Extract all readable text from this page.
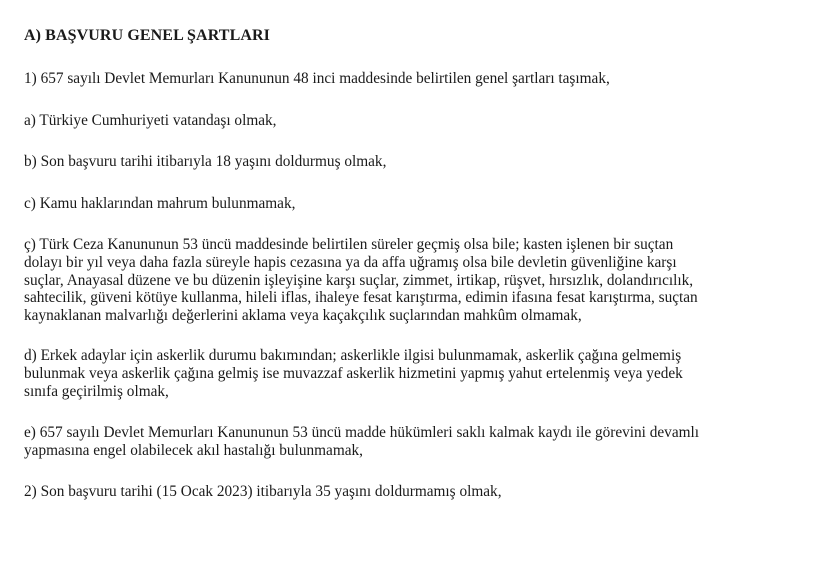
A) BAŞVURU GENEL ŞARTLARI
1) 657 sayılı Devlet Memurları Kanununun 48 inci maddesinde belirtilen genel şartları taşımak,
a) Türkiye Cumhuriyeti vatandaşı olmak,
b) Son başvuru tarihi itibarıyla 18 yaşını doldurmuş olmak,
c) Kamu haklarından mahrum bulunmamak,
ç) Türk Ceza Kanununun 53 üncü maddesinde belirtilen süreler geçmiş olsa bile; kasten işlenen bir suçtan
dolayı bir yıl veya daha fazla süreyle hapis cezasına ya da affa uğramış olsa bile devletin güvenliğine karşı
suçlar, Anayasal düzene ve bu düzenin işleyişine karşı suçlar, zimmet, irtikap, rüşvet, hırsızlık, dolandırıcılık,
sahtecilik, güveni kötüye kullanma, hileli iflas, ihaleye fesat karıştırma, edimin ifasına fesat karıştırma, suçtan
kaynaklanan malvarlığı değerlerini aklama veya kaçakçılık suçlarından mahkûm olmamak,
d) Erkek adaylar için askerlik durumu bakımından; askerlikle ilgisi bulunmamak, askerlik çağına gelmemiş
bulunmak veya askerlik çağına gelmiş ise muvazzaf askerlik hizmetini yapmış yahut ertelenmiş veya yedek
sınıfa geçirilmiş olmak,
e) 657 sayılı Devlet Memurları Kanununun 53 üncü madde hükümleri saklı kalmak kaydı ile görevini devamlı
yapmasına engel olabilecek akıl hastalığı bulunmamak,
2) Son başvuru tarihi (15 Ocak 2023) itibarıyla 35 yaşını doldurmamış olmak,
